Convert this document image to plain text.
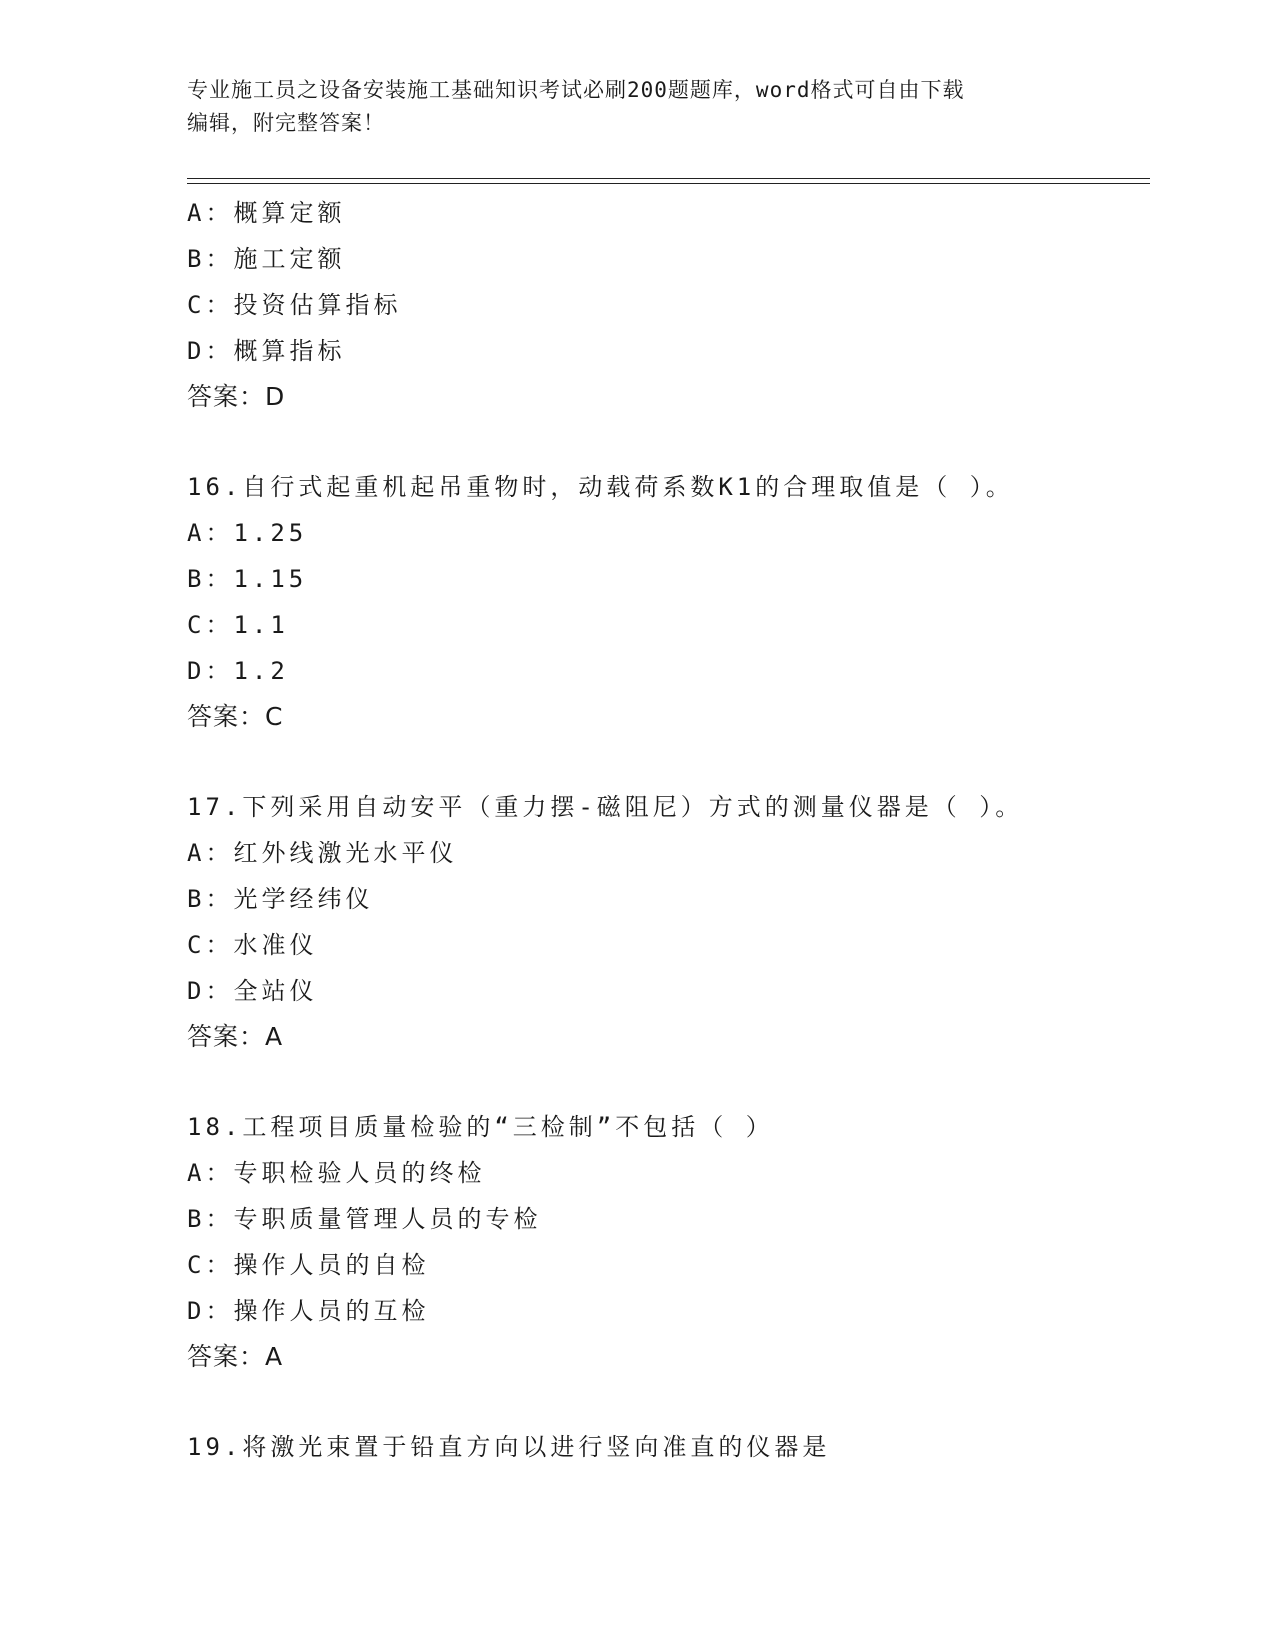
专业施工员之设备安装施工基础知识考试必刷200题题库，word格式可自由下载
编辑，附完整答案！
A：概算定额
B：施工定额
C：投资估算指标
D：概算指标
答案：D
16.自行式起重机起吊重物时，动载荷系数K1的合理取值是（ ）。
A：1.25
B：1.15
C：1.1
D：1.2
答案：C
17.下列采用自动安平（重力摆-磁阻尼）方式的测量仪器是（ ）。
A：红外线激光水平仪
B：光学经纬仪
C：水准仪
D：全站仪
答案：A
18.工程项目质量检验的“三检制”不包括（ ）
A：专职检验人员的终检
B：专职质量管理人员的专检
C：操作人员的自检
D：操作人员的互检
答案：A
19.将激光束置于铅直方向以进行竖向准直的仪器是
